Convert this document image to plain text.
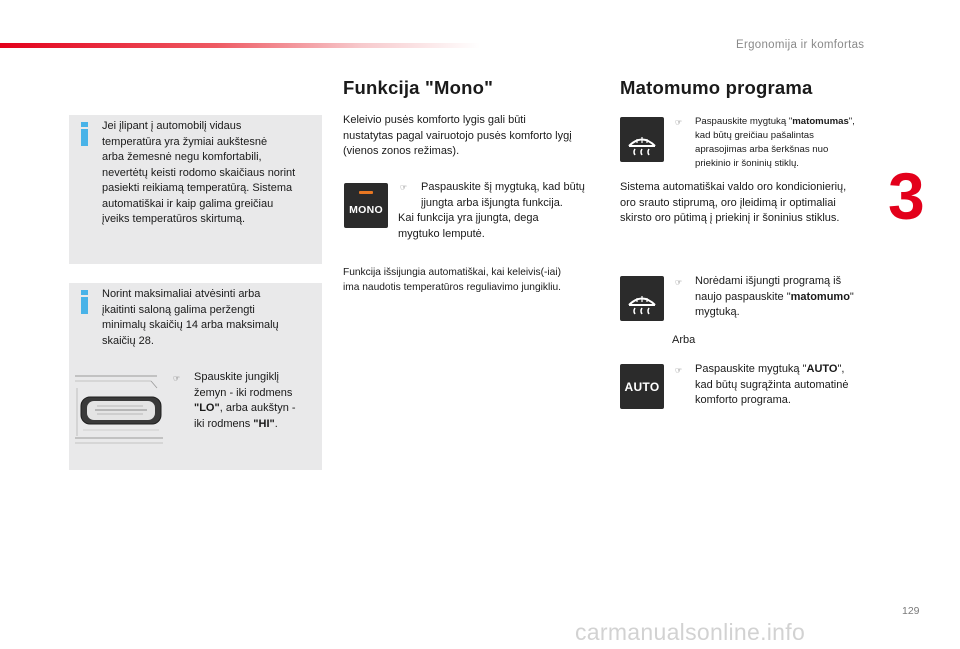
Ergonomija ir komfortas
3
Jei įlipant į automobilį vidaus
temperatūra yra žymiai aukštesnė
arba žemesnė negu komfortabili,
nevertėtų keisti rodomo skaičiaus norint
pasiekti reikiamą temperatūrą. Sistema
automatiškai ir kaip galima greičiau
įveiks temperatūros skirtumą.
Norint maksimaliai atvėsinti arba
įkaitinti saloną galima peržengti
minimalų skaičių 14 arba maksimalų
skaičių 28.
☞ Spauskite jungiklį
žemyn - iki rodmens
"LO", arba aukštyn -
iki rodmens "HI".
Funkcija "Mono"
Keleivio pusės komforto lygis gali būti
nustatytas pagal vairuotojo pusės komforto lygį
(vienos zonos režimas).
MONO
☞ Paspauskite šį mygtuką, kad būtų
įjungta arba išjungta funkcija.
Kai funkcija yra įjungta, dega
mygtuko lemputė.
Funkcija išsijungia automatiškai, kai keleivis(-iai)
ima naudotis temperatūros reguliavimo jungikliu.
Matomumo programa
☞ Paspauskite mygtuką "matomumas",
kad būtų greičiau pašalintas
aprasojimas arba šerkšnas nuo
priekinio ir šoninių stiklų.
Sistema automatiškai valdo oro kondicionierių,
oro srauto stiprumą, oro įleidimą ir optimaliai
skirsto oro pūtimą į priekinį ir šoninius stiklus.
☞ Norėdami išjungti programą iš
naujo paspauskite "matomumo"
mygtuką.
Arba
AUTO
☞ Paspauskite mygtuką "AUTO",
kad būtų sugrąžinta automatinė
komforto programa.
129
carmanualsonline.info
